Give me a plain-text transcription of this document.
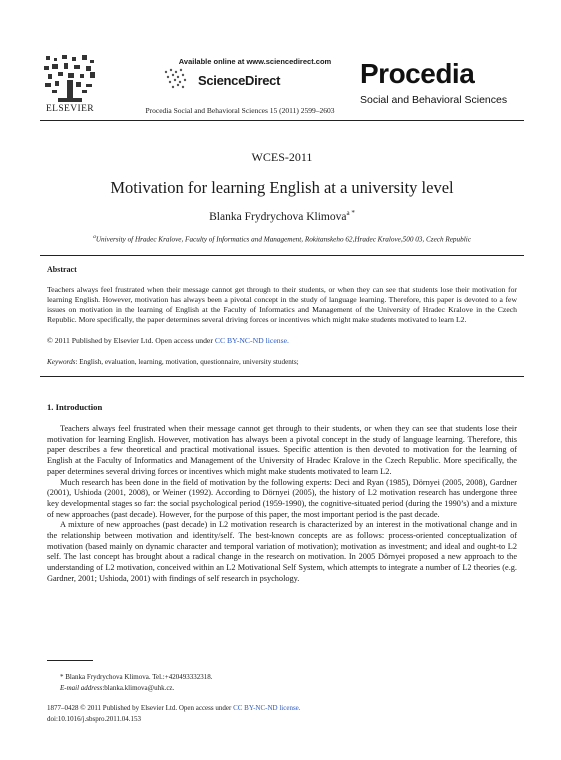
ELSEVIER
Available online at www.sciencedirect.com
ScienceDirect
Procedia Social and Behavioral Sciences 15 (2011) 2599–2603
Procedia
Social and Behavioral Sciences
WCES-2011
Motivation for learning English at a university level
Blanka Frydrychova Klimova$^{a *}$
$^a$University of Hradec Kralove, Faculty of Informatics and Management, Rokitanskeho 62,Hradec Kralove,500 03, Czech Republic
Abstract
Teachers always feel frustrated when their message cannot get through to their students, or when they can see that students lose their motivation for learning English. However, motivation has always been a pivotal concept in the study of language learning. Therefore, this paper is devoted to a few issues on motivation in the learning of English at the Faculty of Informatics and Management of the University of Hradec Kralove in the Czech Republic. More specifically, the paper determines several driving forces or incentives which might make students motivated to learn L2.
© 2011 Published by Elsevier Ltd. Open access under CC BY-NC-ND license.
Keywords: English, evaluation, learning, motivation, questionnaire, university students;
1. Introduction

Teachers always feel frustrated when their message cannot get through to their students, or when they can see that students lose their motivation for learning English. However, motivation has always been a pivotal concept in the study of language learning. Therefore, this paper describes a few theoretical and practical motivational issues. Specific attention is then devoted to motivation for the learning of English at the Faculty of Informatics and Management of the University of Hradec Kralove in the Czech Republic. More specifically, the paper determines several driving forces or incentives which might make students motivated to learn L2.

Much research has been done in the field of motivation by the following experts: Deci and Ryan (1985), Dörnyei (2005, 2008), Gardner (2001), Ushioda (2001, 2008), or Weiner (1992). According to Dörnyei (2005), the history of L2 motivation research has undergone three key developmental stages so far: the social psychological period (1959-1990), the cognitive-situated period (during the 1990’s) and a mixture of new approaches (past decade). However, for the purpose of this paper, the most important period is the past decade.

A mixture of new approaches (past decade) in L2 motivation research is characterized by an interest in the motivational change and in the relationship between motivation and identity/self. The best-known concepts are as follows: process-oriented conceptualization of motivation (based mainly on dynamic character and temporal variation of motivation); motivation as investment; and ideal and ought-to L2 self. The last concept has brought about a radical change in the research on motivation. In 2005 Dörnyei proposed a new approach to the understanding of L2 motivation, conceived within an L2 Motivational Self System, which attempts to integrate a number of L2 theories (e.g. Gardner, 2001; Ushioda, 2001) with findings of self research in psychology.

* Blanka Frydrychova Klimova. Tel.:+420493332318.
E-mail address:blanka.klimova@uhk.cz.
1877–0428 © 2011 Published by Elsevier Ltd. Open access under CC BY-NC-ND license.
doi:10.1016/j.sbspro.2011.04.153
